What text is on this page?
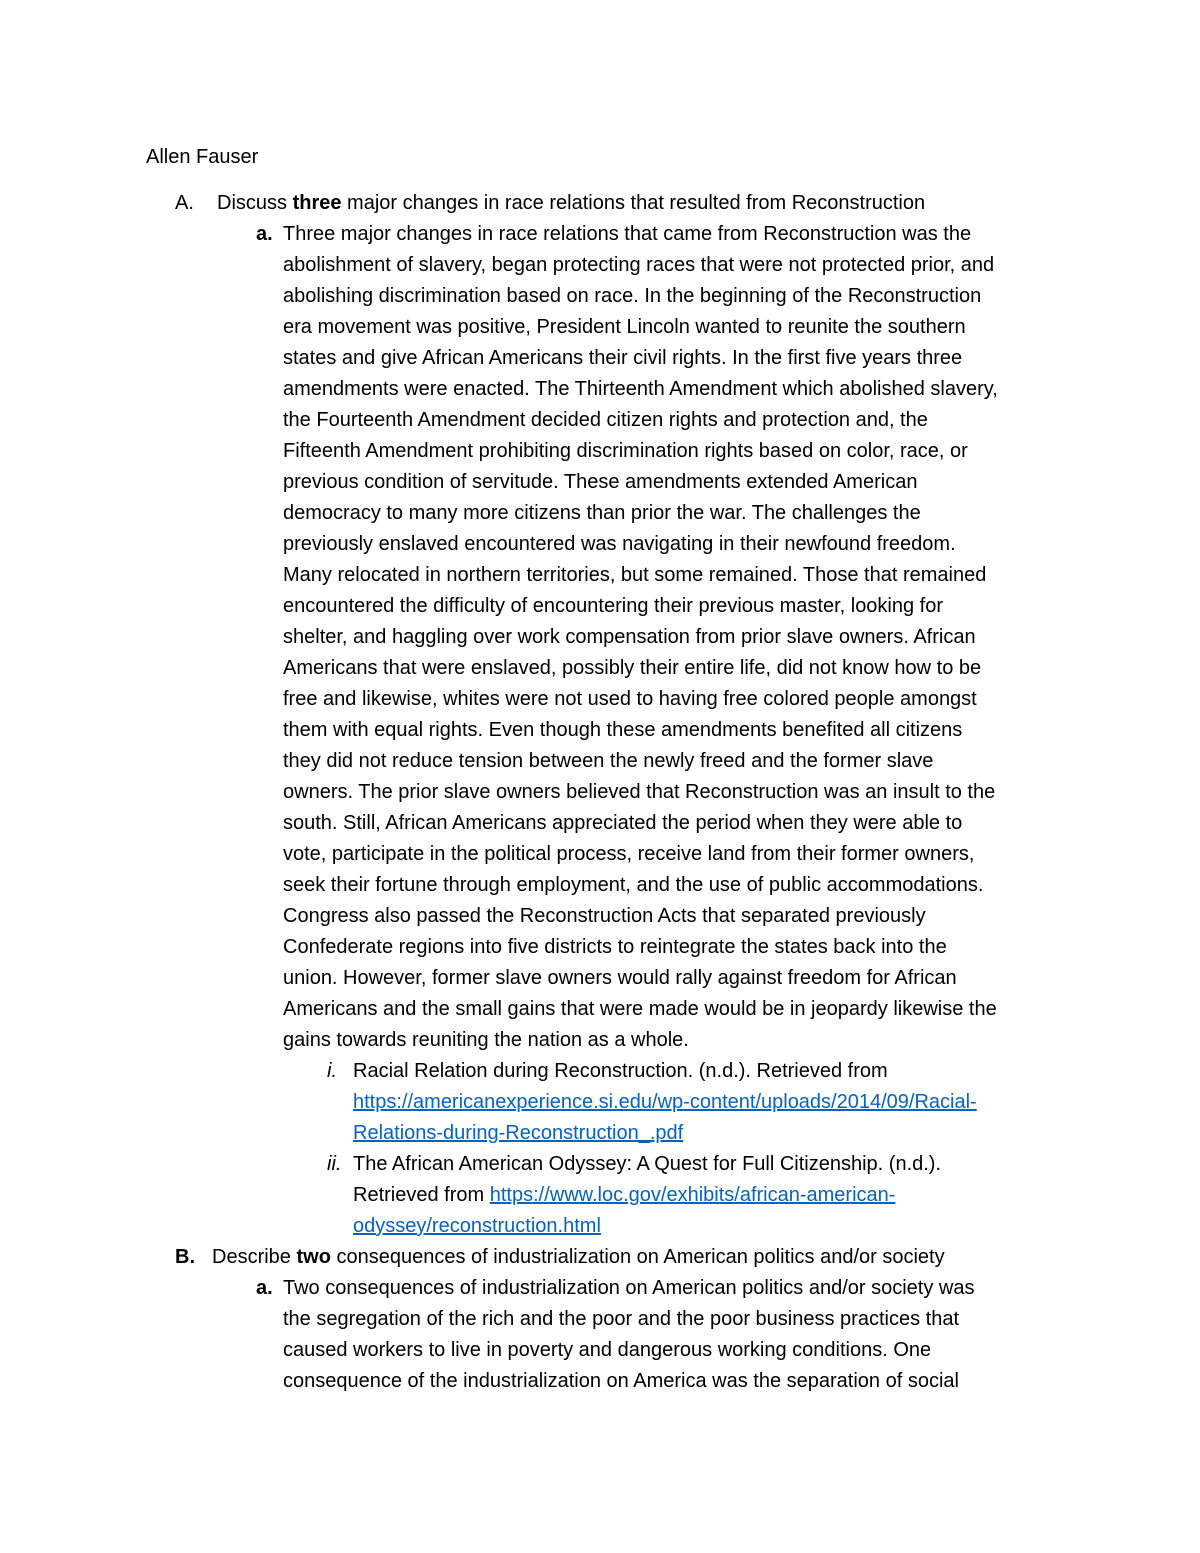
Allen Fauser
A. Discuss three major changes in race relations that resulted from Reconstruction
a. Three major changes in race relations that came from Reconstruction was the
abolishment of slavery, began protecting races that were not protected prior, and
abolishing discrimination based on race. In the beginning of the Reconstruction
era movement was positive, President Lincoln wanted to reunite the southern
states and give African Americans their civil rights. In the first five years three
amendments were enacted. The Thirteenth Amendment which abolished slavery,
the Fourteenth Amendment decided citizen rights and protection and, the
Fifteenth Amendment prohibiting discrimination rights based on color, race, or
previous condition of servitude. These amendments extended American
democracy to many more citizens than prior the war. The challenges the
previously enslaved encountered was navigating in their newfound freedom.
Many relocated in northern territories, but some remained. Those that remained
encountered the difficulty of encountering their previous master, looking for
shelter, and haggling over work compensation from prior slave owners. African
Americans that were enslaved, possibly their entire life, did not know how to be
free and likewise, whites were not used to having free colored people amongst
them with equal rights. Even though these amendments benefited all citizens
they did not reduce tension between the newly freed and the former slave
owners. The prior slave owners believed that Reconstruction was an insult to the
south. Still, African Americans appreciated the period when they were able to
vote, participate in the political process, receive land from their former owners,
seek their fortune through employment, and the use of public accommodations.
Congress also passed the Reconstruction Acts that separated previously
Confederate regions into five districts to reintegrate the states back into the
union. However, former slave owners would rally against freedom for African
Americans and the small gains that were made would be in jeopardy likewise the
gains towards reuniting the nation as a whole.
i. Racial Relation during Reconstruction. (n.d.). Retrieved from
https://americanexperience.si.edu/wp-content/uploads/2014/09/Racial-
Relations-during-Reconstruction_.pdf
ii. The African American Odyssey: A Quest for Full Citizenship. (n.d.).
Retrieved from https://www.loc.gov/exhibits/african-american-
odyssey/reconstruction.html
B. Describe two consequences of industrialization on American politics and/or society
a. Two consequences of industrialization on American politics and/or society was
the segregation of the rich and the poor and the poor business practices that
caused workers to live in poverty and dangerous working conditions. One
consequence of the industrialization on America was the separation of social
